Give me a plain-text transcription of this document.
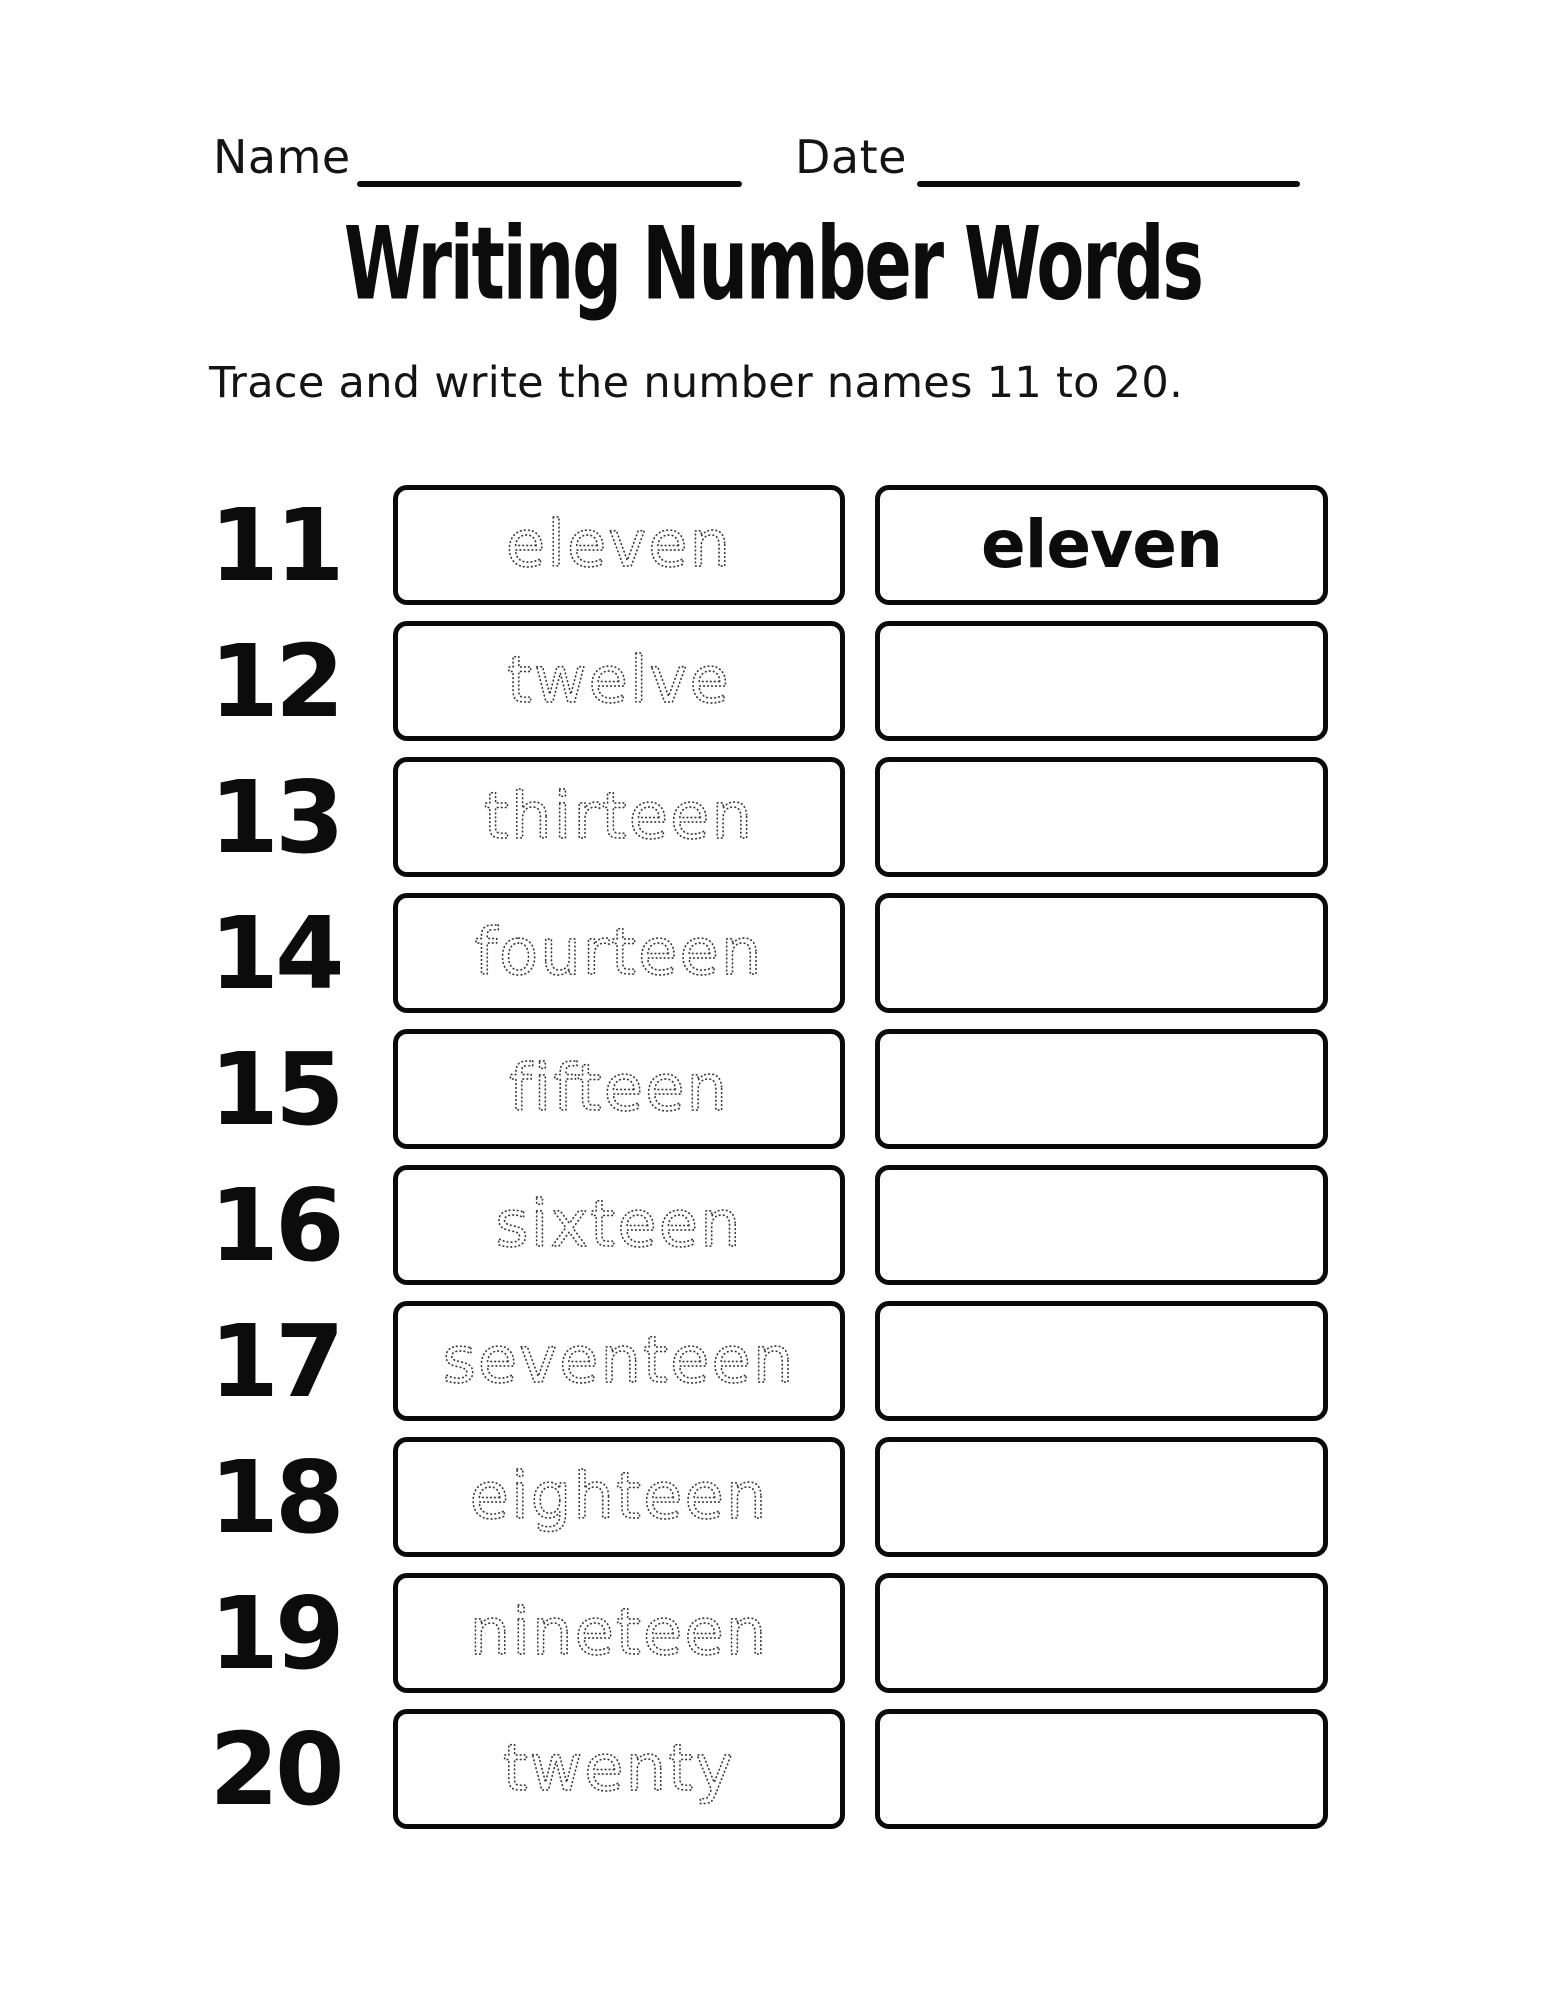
Name	Date
Writing Number Words
Trace and write the number names 11 to 20.
11	eleven	eleven
12	twelve
13	thirteen
14	fourteen
15	fifteen
16	sixteen
17	seventeen
18	eighteen
19	nineteen
20	twenty
